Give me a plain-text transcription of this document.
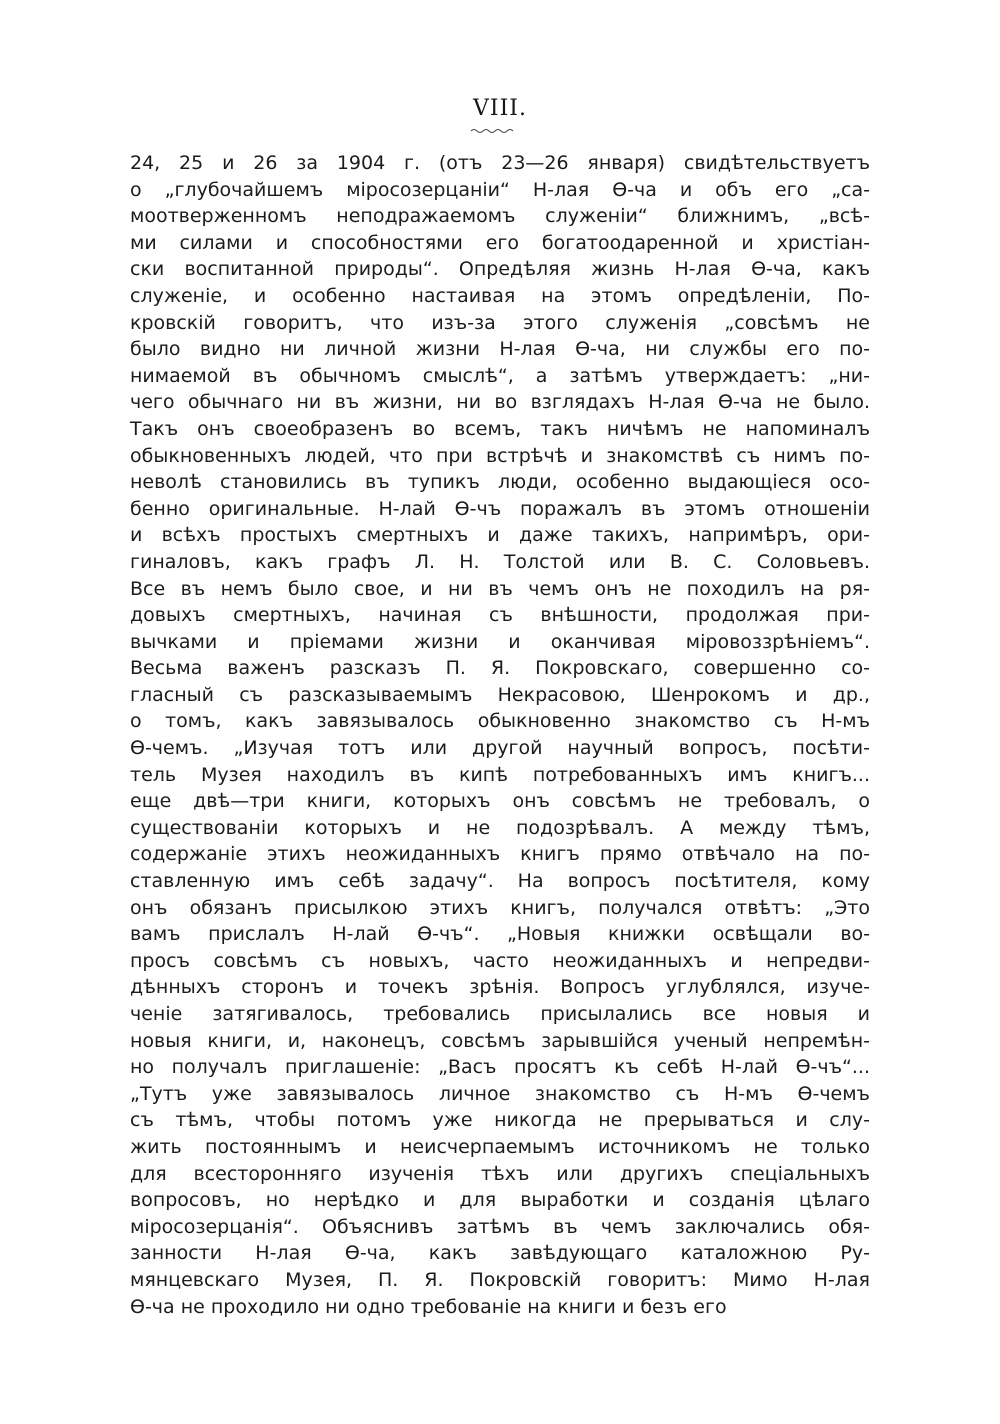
VIII.
24, 25 и 26 за 1904 г. (отъ 23—26 января) свидѣтельствуетъ
о „глубочайшемъ міросозерцаніи“ Н-лая Ѳ-ча и объ его „са-
моотверженномъ неподражаемомъ служеніи“ ближнимъ, „всѣ-
ми силами и способностями его богатоодаренной и христіан-
ски воспитанной природы“. Опредѣляя жизнь Н-лая Ѳ-ча, какъ
служеніе, и особенно настаивая на этомъ опредѣленіи, По-
кровскій говоритъ, что изъ-за этого служенія „совсѣмъ не
было видно ни личной жизни Н-лая Ѳ-ча, ни службы его по-
нимаемой въ обычномъ смыслѣ“, а затѣмъ утверждаетъ: „ни-
чего обычнаго ни въ жизни, ни во взглядахъ Н-лая Ѳ-ча не было.
Такъ онъ своеобразенъ во всемъ, такъ ничѣмъ не напоминалъ
обыкновенныхъ людей, что при встрѣчѣ и знакомствѣ съ нимъ по-
неволѣ становились въ тупикъ люди, особенно выдающіеся осо-
бенно оригинальные. Н-лай Ѳ-чъ поражалъ въ этомъ отношеніи
и всѣхъ простыхъ смертныхъ и даже такихъ, напримѣръ, ори-
гиналовъ, какъ графъ Л. Н. Толстой или В. С. Соловьевъ.
Все въ немъ было свое, и ни въ чемъ онъ не походилъ на ря-
довыхъ смертныхъ, начиная съ внѣшности, продолжая при-
вычками и пріемами жизни и оканчивая міровоззрѣніемъ“.
Весьма важенъ разсказъ П. Я. Покровскаго, совершенно со-
гласный съ разсказываемымъ Некрасовою, Шенрокомъ и др.,
о томъ, какъ завязывалось обыкновенно знакомство съ Н-мъ
Ѳ-чемъ. „Изучая тотъ или другой научный вопросъ, посѣти-
тель Музея находилъ въ кипѣ потребованныхъ имъ книгъ...
еще двѣ—три книги, которыхъ онъ совсѣмъ не требовалъ, о
существованіи которыхъ и не подозрѣвалъ. А между тѣмъ,
содержаніе этихъ неожиданныхъ книгъ прямо отвѣчало на по-
ставленную имъ себѣ задачу“. На вопросъ посѣтителя, кому
онъ обязанъ присылкою этихъ книгъ, получался отвѣтъ: „Это
вамъ прислалъ Н-лай Ѳ-чъ“. „Новыя книжки освѣщали во-
просъ совсѣмъ съ новыхъ, часто неожиданныхъ и непредви-
дѣнныхъ сторонъ и точекъ зрѣнія. Вопросъ углублялся, изуче-
ченіе затягивалось, требовались присылались все новыя и
новыя книги, и, наконецъ, совсѣмъ зарывшійся ученый непремѣн-
но получалъ приглашеніе: „Васъ просятъ къ себѣ Н-лай Ѳ-чъ“...
„Тутъ уже завязывалось личное знакомство съ Н-мъ Ѳ-чемъ
съ тѣмъ, чтобы потомъ уже никогда не прерываться и слу-
жить постояннымъ и неисчерпаемымъ источникомъ не только
для всесторонняго изученія тѣхъ или другихъ спеціальныхъ
вопросовъ, но нерѣдко и для выработки и созданія цѣлаго
міросозерцанія“. Объяснивъ затѣмъ въ чемъ заключались обя-
занности Н-лая Ѳ-ча, какъ завѣдующаго каталожною Ру-
мянцевскаго Музея, П. Я. Покровскій говоритъ: Мимо Н-лая
Ѳ-ча не проходило ни одно требованіе на книги и безъ его
